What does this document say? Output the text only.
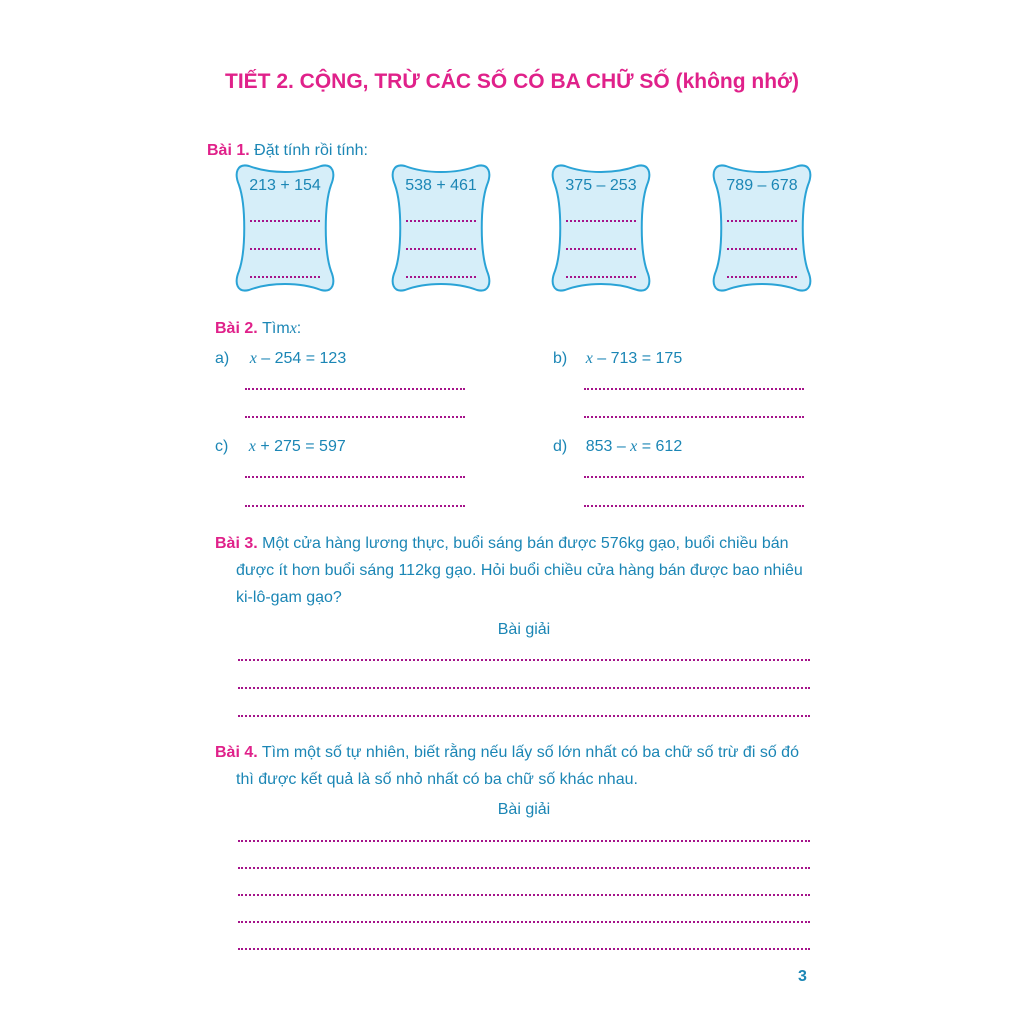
TIẾT 2. CỘNG, TRỪ CÁC SỐ CÓ BA CHỮ SỐ (không nhớ)
Bài 1. Đặt tính rồi tính:
213 + 154	538 + 461	375 – 253	789 – 678
Bài 2. Tìmx:
a) x – 254 = 123	b) x – 713 = 175
c) x + 275 = 597	d) 853 – x = 612
Bài 3. Một cửa hàng lương thực, buổi sáng bán được 576kg gạo, buổi chiều bán
được ít hơn buổi sáng 112kg gạo. Hỏi buổi chiều cửa hàng bán được bao nhiêu
ki-lô-gam gạo?
Bài giải
Bài 4. Tìm một số tự nhiên, biết rằng nếu lấy số lớn nhất có ba chữ số trừ đi số đó
thì được kết quả là số nhỏ nhất có ba chữ số khác nhau.
Bài giải
3
